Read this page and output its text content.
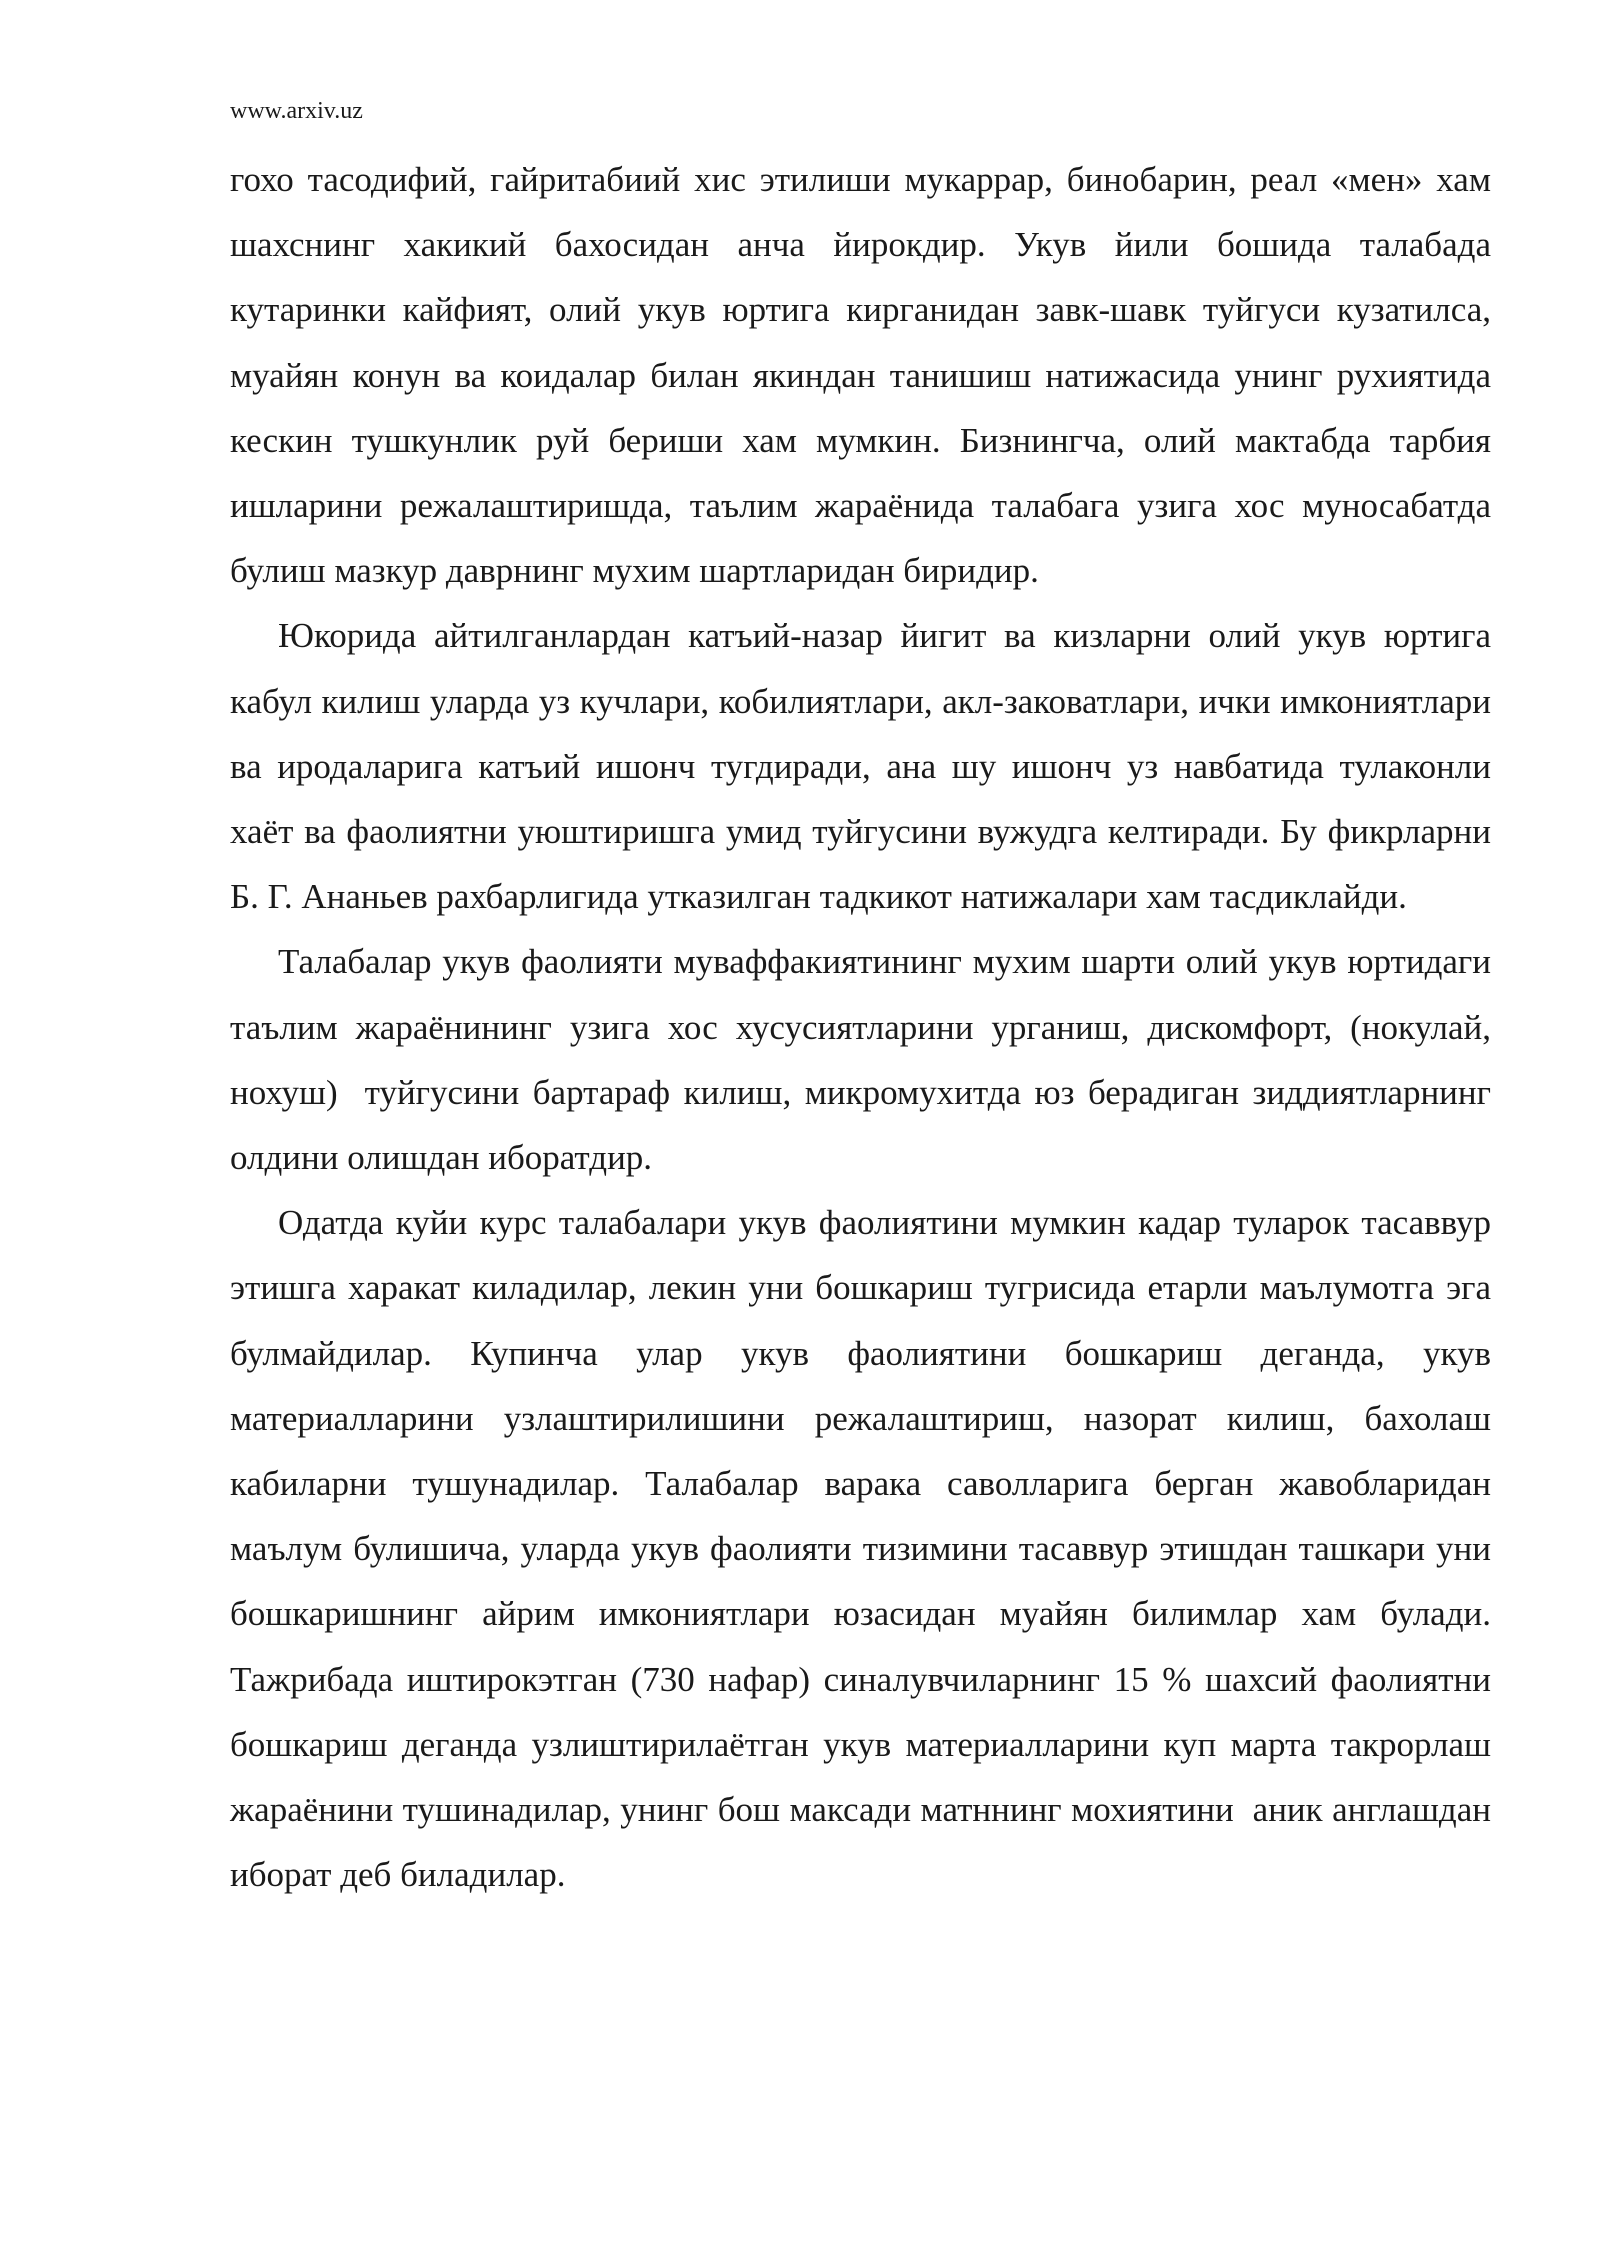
www.arxiv.uz

гохо тасодифий, гайритабиий хис этилиши мукаррар, бинобарин, реал «мен» хам шахснинг хакикий бахосидан анча йирокдир. Укув йили бошида талабада кутаринки кайфият, олий укув юртига кирганидан завк-шавк туйгуси кузатилса, муайян конун ва коидалар билан якиндан танишиш натижасида унинг рухиятида кескин тушкунлик руй бериши хам мумкин. Бизнингча, олий мактабда тарбия ишларини режалаштиришда, таълим жараёнида талабага узига хос муносабатда булиш мазкур даврнинг мухим шартларидан биридир.

Юкорида айтилганлардан катъий-назар йигит ва кизларни олий укув юртига кабул килиш уларда уз кучлари, кобилиятлари, акл-заковатлари, ички имкониятлари ва иродаларига катъий ишонч тугдиради, ана шу ишонч уз навбатида тулаконли хаёт ва фаолиятни уюштиришга умид туйгусини вужудга келтиради. Бу фикрларни Б. Г. Ананьев рахбарлигида утказилган тадкикот натижалари хам тасдиклайди.

Талабалар укув фаолияти муваффакиятининг мухим шарти олий укув юртидаги таълим жараёнининг узига хос хусусиятларини урганиш, дискомфорт, (нокулай, нохуш)  туйгусини бартараф килиш, микромухитда юз берадиган зиддиятларнинг олдини олишдан иборатдир.

Одатда куйи курс талабалари укув фаолиятини мумкин кадар туларок тасаввур этишга харакат киладилар, лекин уни бошкариш тугрисида етарли маълумотга эга булмайдилар. Купинча улар укув фаолиятини бошкариш деганда, укув материалларини узлаштирилишини режалаштириш, назорат килиш, бахолаш кабиларни тушунадилар. Талабалар варака саволларига берган жавобларидан маълум булишича, уларда укув фаолияти тизимини тасаввур этишдан ташкари уни бошкаришнинг айрим имкониятлари юзасидан муайян билимлар хам булади. Тажрибада иштирокэтган (730 нафар) синалувчиларнинг 15 % шахсий фаолиятни бошкариш деганда узлиштирилаётган укув материалларини куп марта такрорлаш жараёнини тушинадилар, унинг бош максади матннинг мохиятини  аник англашдан иборат деб биладилар.
